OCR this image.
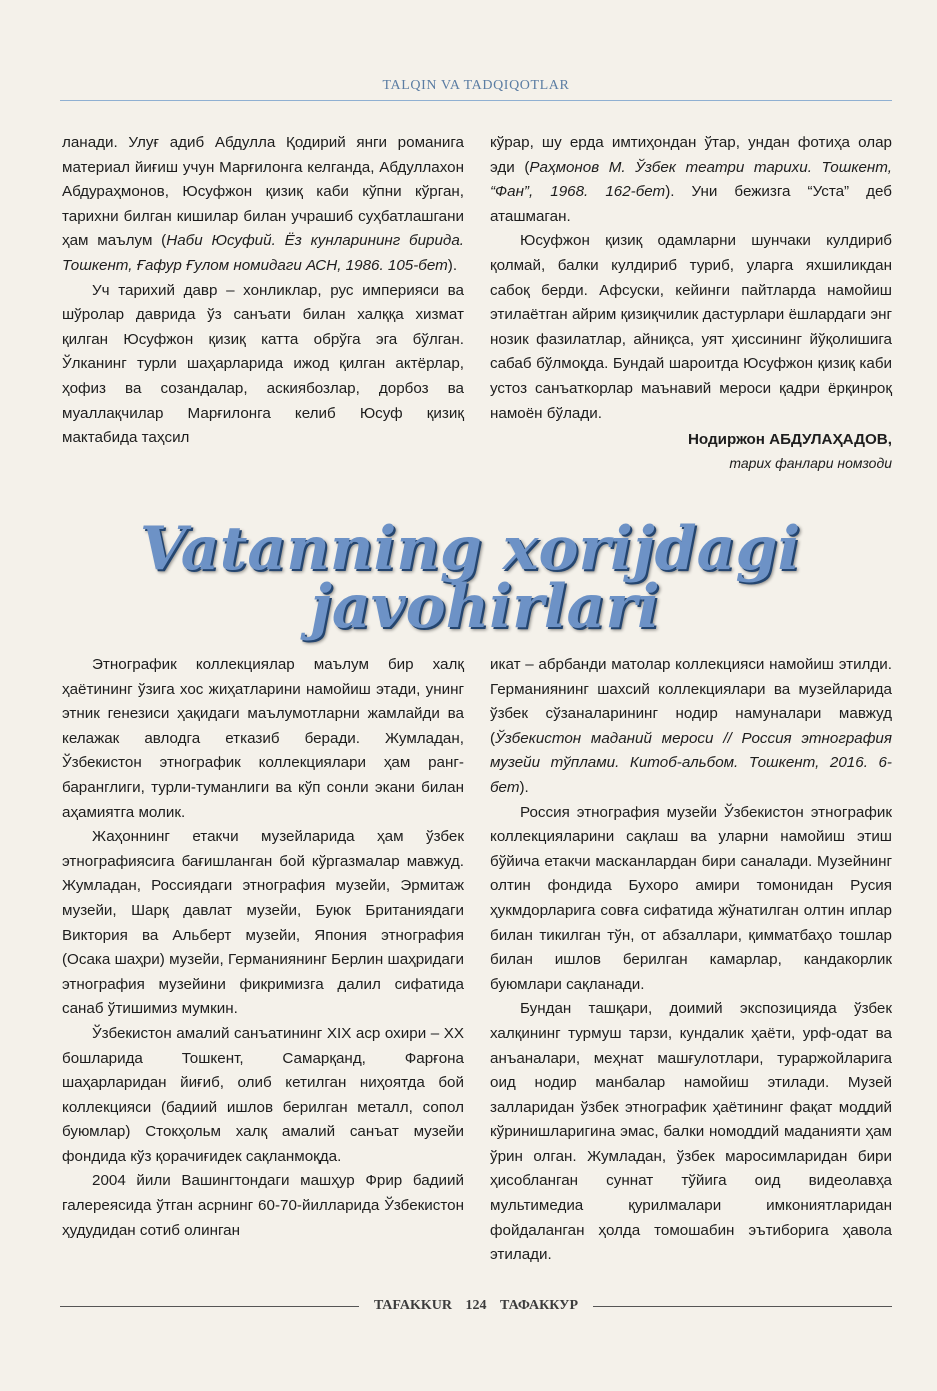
TALQIN VA TADQIQOTLAR

ланади. Улуғ адиб Абдулла Қодирий янги романига материал йиғиш учун Марғилонга келганда, Абдуллахон Абдураҳмонов, Юсуфжон қизиқ каби кўпни кўрган, тарихни билган кишилар билан учрашиб суҳбатлашгани ҳам маълум (Наби Юсуфий. Ёз кунларининг бирида. Тошкент, Ғафур Ғулом номидаги АСН, 1986. 105-бет).

Уч тарихий давр – хонликлар, рус империяси ва шўролар даврида ўз санъати билан халққа хизмат қилган Юсуфжон қизиқ катта обрўга эга бўлган. Ўлканинг турли шаҳарларида ижод қилган актёрлар, ҳофиз ва созандалар, аскиябозлар, дорбоз ва муаллақчилар Марғилонга келиб Юсуф қизиқ мактабида таҳсил

кўрар, шу ерда имтиҳондан ўтар, ундан фотиҳа олар эди (Раҳмонов М. Ўзбек театри тарихи. Тошкент, “Фан”, 1968. 162-бет). Уни бежизга “Уста” деб аташмаган.

Юсуфжон қизиқ одамларни шунчаки кулдириб қолмай, балки кулдириб туриб, уларга яхшиликдан сабоқ берди. Афсуски, кейинги пайтларда намойиш этилаётган айрим қизиқчилик дастурлари ёшлардаги энг нозик фазилатлар, айниқса, уят ҳиссининг йўқолишига сабаб бўлмоқда. Бундай шароитда Юсуфжон қизиқ каби устоз санъаткорлар маънавий мероси қадри ёрқинроқ намоён бўлади.

Нодиржон АБДУЛАҲАДОВ,
тарих фанлари номзоди
Vatanning xorijdagi
javohirlari

Этнографик коллекциялар маълум бир халқ ҳаётининг ўзига хос жиҳатларини намойиш этади, унинг этник генезиси ҳақидаги маълумотларни жамлайди ва келажак авлодга етказиб беради. Жумладан, Ўзбекистон этнографик коллекциялари ҳам ранг-баранглиги, турли-туманлиги ва кўп сонли экани билан аҳамиятга молик.

Жаҳоннинг етакчи музейларида ҳам ўзбек этнографиясига бағишланган бой кўргазмалар мавжуд. Жумладан, Россиядаги этнография музейи, Эрмитаж музейи, Шарқ давлат музейи, Буюк Британиядаги Виктория ва Альберт музейи, Япония этнография (Осака шаҳри) музейи, Германиянинг Берлин шаҳридаги этнография музейини фикримизга далил сифатида санаб ўтишимиз мумкин.

Ўзбекистон амалий санъатининг XIX аср охири – XX бошларида Тошкент, Самарқанд, Фарғона шаҳарларидан йиғиб, олиб кетилган ниҳоятда бой коллекцияси (бадиий ишлов берилган металл, сопол буюмлар) Стокҳольм халқ амалий санъат музейи фондида кўз қорачиғидек сақланмоқда.

2004 йили Вашингтондаги машҳур Фрир бадиий галереясида ўтган асрнинг 60-70-йилларида Ўзбекистон ҳудудидан сотиб олинган

икат – абрбанди матолар коллекцияси намойиш этилди. Германиянинг шахсий коллекциялари ва музейларида ўзбек сўзаналарининг нодир намуналари мавжуд (Ўзбекистон маданий мероси // Россия этнография музейи тўплами. Китоб-альбом. Тошкент, 2016. 6-бет).

Россия этнография музейи Ўзбекистон этнографик коллекцияларини сақлаш ва уларни намойиш этиш бўйича етакчи масканлардан бири саналади. Музейнинг олтин фондида Бухоро амири томонидан Русия ҳукмдорларига совға сифатида жўнатилган олтин иплар билан тикилган тўн, от абзаллари, қимматбаҳо тошлар билан ишлов берилган камарлар, кандакорлик буюмлари сақланади.

Бундан ташқари, доимий экспозицияда ўзбек халқининг турмуш тарзи, кундалик ҳаёти, урф-одат ва анъаналари, меҳнат машғулотлари, тураржойларига оид нодир манбалар намойиш этилади. Музей залларидан ўзбек этнографик ҳаётининг фақат моддий кўринишларигина эмас, балки номоддий маданияти ҳам ўрин олган. Жумладан, ўзбек маросимларидан бири ҳисобланган суннат тўйига оид видеолавҳа мультимедиа қурилмалари имкониятларидан фойдаланган ҳолда томошабин эътиборига ҳавола этилади.

TAFAKKUR 124 ТАФАККУР
